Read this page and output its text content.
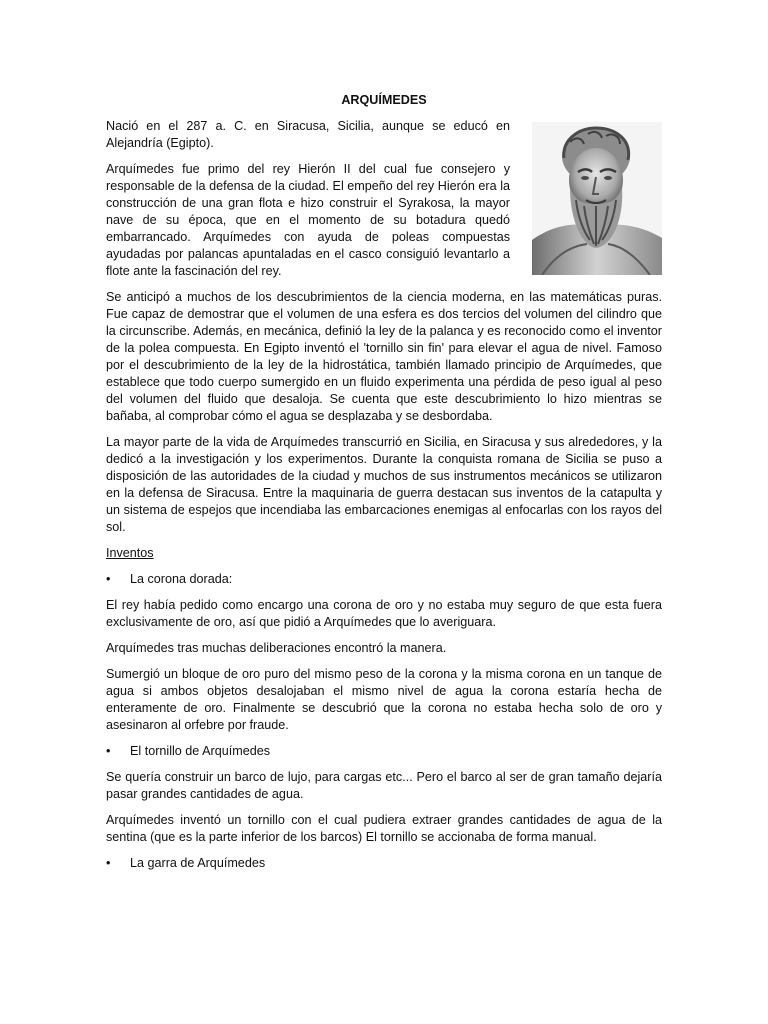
ARQUÍMEDES

Nació en el 287 a. C. en Siracusa, Sicilia, aunque se educó en Alejandría (Egipto).

Arquímedes fue primo del rey Hierón II del cual fue consejero y responsable de la defensa de la ciudad. El empeño del rey Hierón era la construcción de una gran flota e hizo construir el Syrakosa, la mayor nave de su época, que en el momento de su botadura quedó embarrancado. Arquímedes con ayuda de poleas compuestas ayudadas por palancas apuntaladas en el casco consiguió levantarlo a flote ante la fascinación del rey.

Se anticipó a muchos de los descubrimientos de la ciencia moderna, en las matemáticas puras. Fue capaz de demostrar que el volumen de una esfera es dos tercios del volumen del cilindro que la circunscribe. Además, en mecánica, definió la ley de la palanca y es reconocido como el inventor de la polea compuesta. En Egipto inventó el 'tornillo sin fin' para elevar el agua de nivel. Famoso por el descubrimiento de la ley de la hidrostática, también llamado principio de Arquímedes, que establece que todo cuerpo sumergido en un fluido experimenta una pérdida de peso igual al peso del volumen del fluido que desaloja. Se cuenta que este descubrimiento lo hizo mientras se bañaba, al comprobar cómo el agua se desplazaba y se desbordaba.

La mayor parte de la vida de Arquímedes transcurrió en Sicilia, en Siracusa y sus alrededores, y la dedicó a la investigación y los experimentos. Durante la conquista romana de Sicilia se puso a disposición de las autoridades de la ciudad y muchos de sus instrumentos mecánicos se utilizaron en la defensa de Siracusa. Entre la maquinaria de guerra destacan sus inventos de la catapulta y un sistema de espejos que incendiaba las embarcaciones enemigas al enfocarlas con los rayos del sol.

Inventos
•	La corona dorada:

El rey había pedido como encargo una corona de oro y no estaba muy seguro de que esta fuera exclusivamente de oro, así que pidió a Arquímedes que lo averiguara.

Arquímedes tras muchas deliberaciones encontró la manera.

Sumergió un bloque de oro puro del mismo peso de la corona y la misma corona en un tanque de agua si ambos objetos desalojaban el mismo nivel de agua la corona estaría hecha de enteramente de oro. Finalmente se descubrió que la corona no estaba hecha solo de oro y asesinaron al orfebre por fraude.

•	El tornillo de Arquímedes

Se quería construir un barco de lujo, para cargas etc... Pero el barco al ser de gran tamaño dejaría pasar grandes cantidades de agua.

Arquímedes inventó un tornillo con el cual pudiera extraer grandes cantidades de agua de la sentina (que es la parte inferior de los barcos) El tornillo se accionaba de forma manual.

•	La garra de Arquímedes
